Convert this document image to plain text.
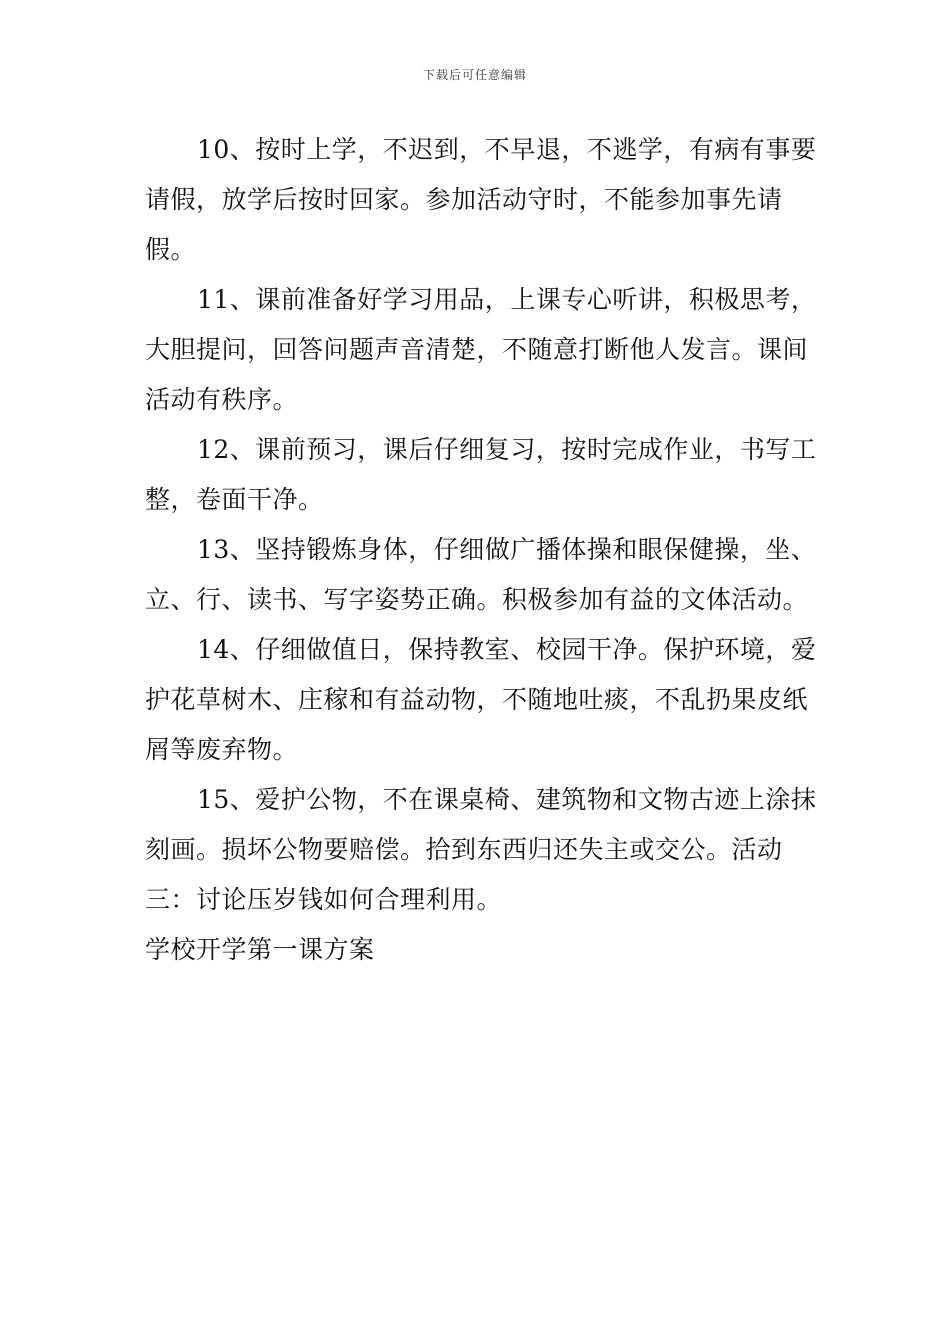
下载后可任意编辑

10、按时上学，不迟到，不早退，不逃学，有病有事要请假，放学后按时回家。参加活动守时，不能参加事先请假。

11、课前准备好学习用品，上课专心听讲，积极思考，大胆提问，回答问题声音清楚，不随意打断他人发言。课间活动有秩序。

12、课前预习，课后仔细复习，按时完成作业，书写工整，卷面干净。

13、坚持锻炼身体，仔细做广播体操和眼保健操，坐、立、行、读书、写字姿势正确。积极参加有益的文体活动。

14、仔细做值日，保持教室、校园干净。保护环境，爱护花草树木、庄稼和有益动物，不随地吐痰，不乱扔果皮纸屑等废弃物。

15、爱护公物，不在课桌椅、建筑物和文物古迹上涂抹刻画。损坏公物要赔偿。拾到东西归还失主或交公。活动三：讨论压岁钱如何合理利用。

学校开学第一课方案
